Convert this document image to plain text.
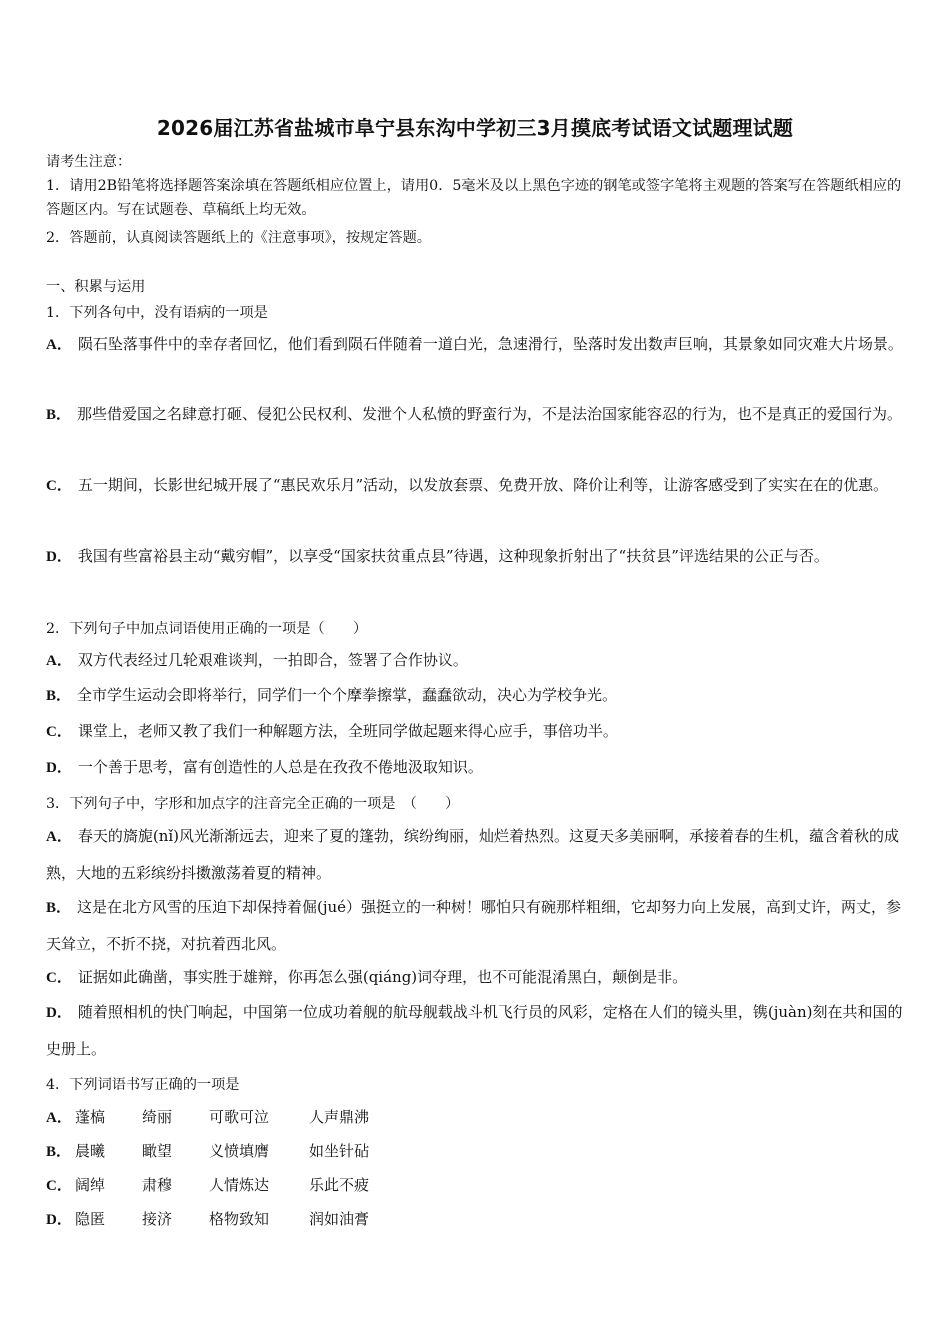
2026届江苏省盐城市阜宁县东沟中学初三3月摸底考试语文试题理试题
请考生注意：
1．请用2B铅笔将选择题答案涂填在答题纸相应位置上，请用0．5毫米及以上黑色字迹的钢笔或签字笔将主观题的答案写在答题纸相应的答题区内。写在试题卷、草稿纸上均无效。
2．答题前，认真阅读答题纸上的《注意事项》，按规定答题。
一、积累与运用
1．下列各句中，没有语病的一项是
A． 陨石坠落事件中的幸存者回忆，他们看到陨石伴随着一道白光，急速滑行，坠落时发出数声巨响，其景象如同灾难大片场景。
B． 那些借爱国之名肆意打砸、侵犯公民权利、发泄个人私愤的野蛮行为，不是法治国家能容忍的行为，也不是真正的爱国行为。
C． 五一期间，长影世纪城开展了“惠民欢乐月”活动，以发放套票、免费开放、降价让利等，让游客感受到了实实在在的优惠。
D． 我国有些富裕县主动“戴穷帽”，以享受“国家扶贫重点县”待遇，这种现象折射出了“扶贫县”评选结果的公正与否。
2．下列句子中加点词语使用正确的一项是（　　）
A． 双方代表经过几轮艰难谈判，一拍即合，签署了合作协议。
B． 全市学生运动会即将举行，同学们一个个摩拳擦掌，蠢蠢欲动，决心为学校争光。
C． 课堂上，老师又教了我们一种解题方法，全班同学做起题来得心应手，事倍功半。
D． 一个善于思考，富有创造性的人总是在孜孜不倦地汲取知识。
3．下列句子中，字形和加点字的注音完全正确的一项是　（　　）
A． 春天的旖旎(nǐ)风光渐渐远去，迎来了夏的篷勃，缤纷绚丽，灿烂着热烈。这夏天多美丽啊，承接着春的生机，蕴含着秋的成熟，大地的五彩缤纷抖擞激荡着夏的精神。
B． 这是在北方风雪的压迫下却保持着倔(jué）强挺立的一种树！哪怕只有碗那样粗细，它却努力向上发展，高到丈许，两丈，参天耸立，不折不挠，对抗着西北风。
C． 证据如此确凿，事实胜于雄辩，你再怎么强(qiáng)词夺理，也不可能混淆黑白，颠倒是非。
D． 随着照相机的快门响起，中国第一位成功着舰的航母舰载战斗机飞行员的风彩，定格在人们的镜头里，镌(juàn)刻在共和国的史册上。
4．下列词语书写正确的一项是
A． 蓬槁 绮丽 可歌可泣	人声鼎沸
B． 晨曦 瞰望 义愤填膺	如坐针砧
C． 阔绰 肃穆 人情炼达	乐此不疲
D． 隐匿 接济 格物致知	润如油膏
